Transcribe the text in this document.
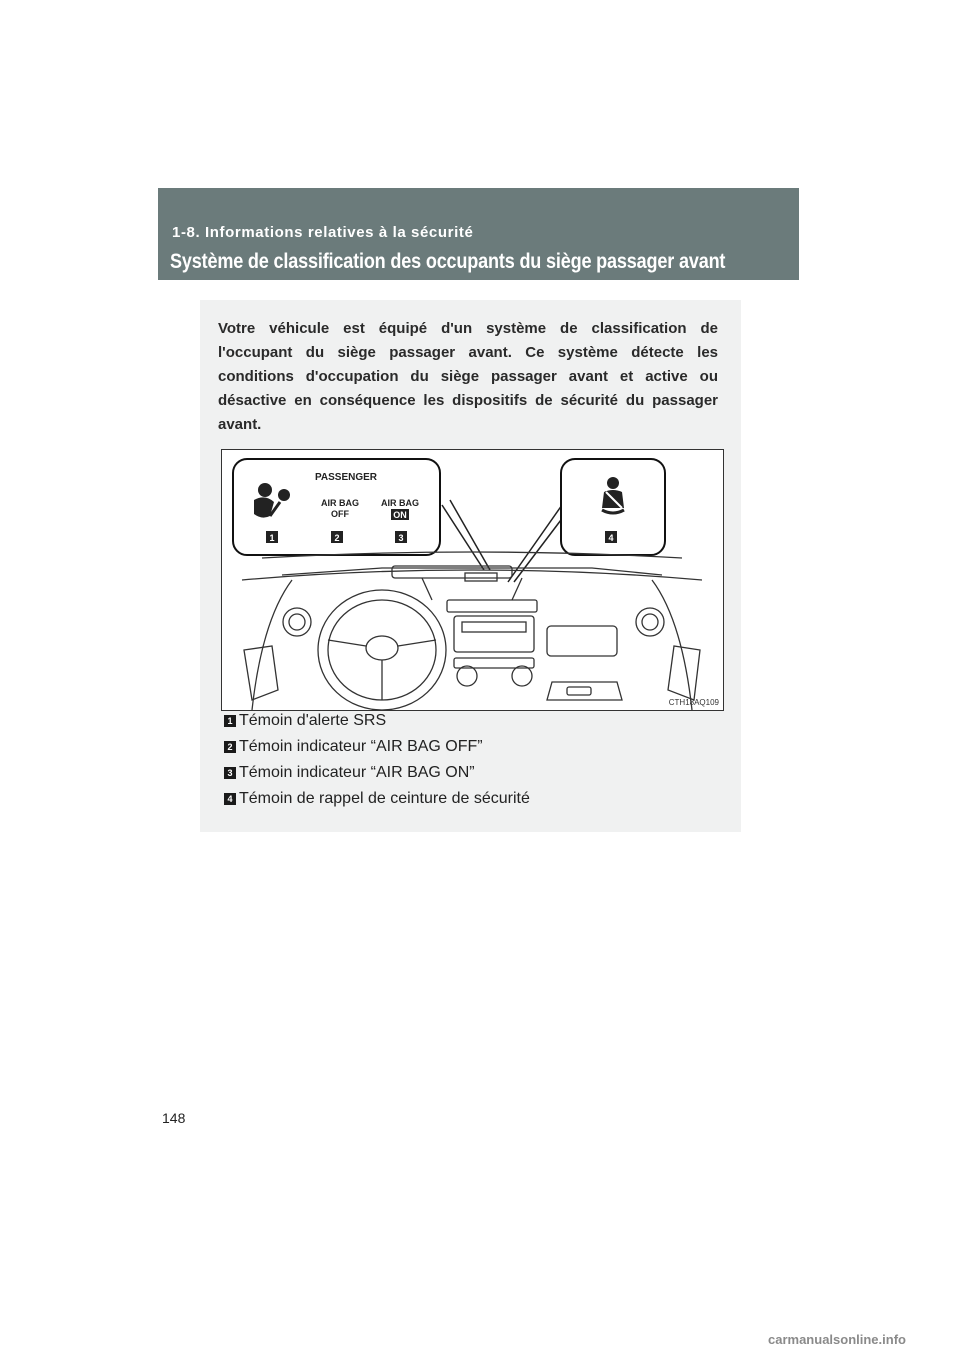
1-8. Informations relatives à la sécurité
Système de classification des occupants du siège passager avant

Votre véhicule est équipé d'un système de classification de l'occupant du siège passager avant. Ce système détecte les conditions d'occupation du siège passager avant et active ou désactive en conséquence les dispositifs de sécurité du passager avant.

PASSENGER
AIR BAG
OFF
AIR BAG
ON
1	2	3	4
CTH18AQ109
1 Témoin d'alerte SRS
2 Témoin indicateur “AIR BAG OFF”
3 Témoin indicateur “AIR BAG ON”
4 Témoin de rappel de ceinture de sécurité
148
carmanualsonline.info
